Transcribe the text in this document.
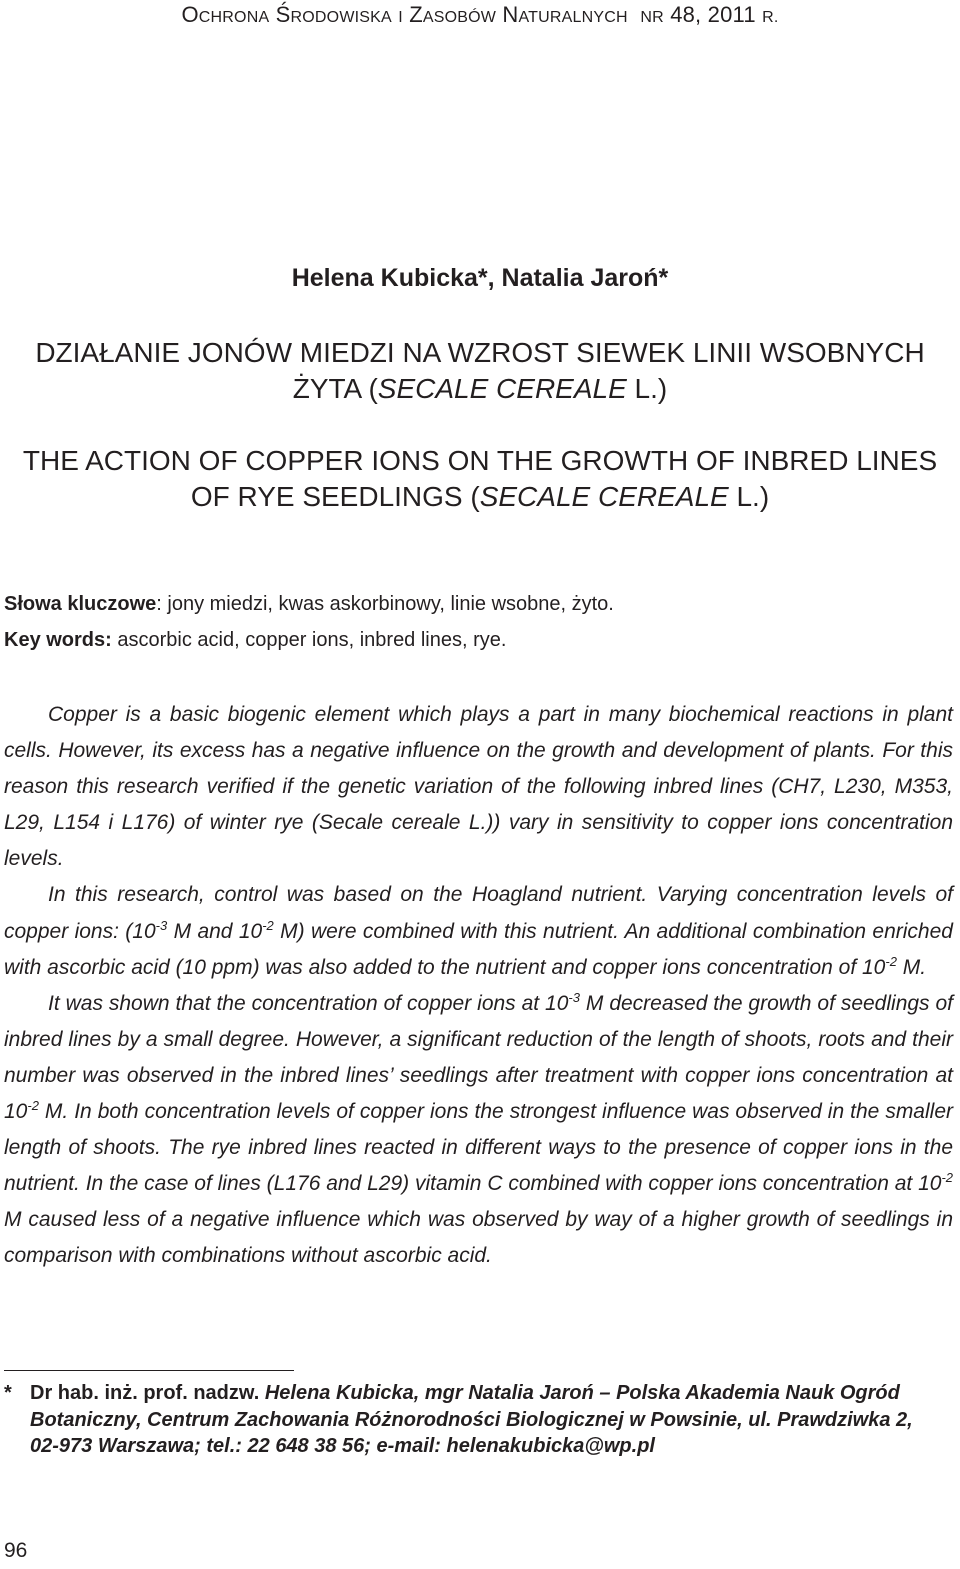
OCHRONA ŚRODOWISKA I ZASOBÓW NATURALNYCH NR 48, 2011 R.
Helena Kubicka*, Natalia Jaroń*
DZIAŁANIE JONÓW MIEDZI NA WZROST SIEWEK LINII WSOBNYCH
ŻYTA (SECALE CEREALE L.)
THE ACTION OF COPPER IONS ON THE GROWTH OF INBRED LINES
OF RYE SEEDLINGS (SECALE CEREALE L.)
Słowa kluczowe: jony miedzi, kwas askorbinowy, linie wsobne, żyto.
Key words: ascorbic acid, copper ions, inbred lines, rye.

Copper is a basic biogenic element which plays a part in many biochemical reactions in plant cells. However, its excess has a negative influence on the growth and development of plants. For this reason this research verified if the genetic variation of the following inbred lines (CH7, L230, M353, L29, L154 i L176) of winter rye (Secale cereale L.)) vary in sensitivity to copper ions concentration levels.

In this research, control was based on the Hoagland nutrient. Varying concentration levels of copper ions: ($10^{-3}$ M and $10^{-2}$ M) were combined with this nutrient. An additional combination enriched with ascorbic acid (10 ppm) was also added to the nutrient and copper ions concentration of $10^{-2}$ M.

It was shown that the concentration of copper ions at $10^{-3}$ M decreased the growth of seedlings of inbred lines by a small degree. However, a significant reduction of the length of shoots, roots and their number was observed in the inbred lines’ seedlings after treatment with copper ions concentration at $10^{-2}$ M. In both concentration levels of copper ions the strongest influence was observed in the smaller length of shoots. The rye inbred lines reacted in different ways to the presence of copper ions in the nutrient. In the case of lines (L176 and L29) vitamin C combined with copper ions concentration at $10^{-2}$ M caused less of a negative influence which was observed by way of a higher growth of seedlings in comparison with combinations without ascorbic acid.

* Dr hab. inż. prof. nadzw. Helena Kubicka, mgr Natalia Jaroń – Polska Akademia Nauk Ogród Botaniczny, Centrum Zachowania Różnorodności Biologicznej w Powsinie, ul. Prawdziwka 2, 02-973 Warszawa; tel.: 22 648 38 56; e-mail: helenakubicka@wp.pl
96
